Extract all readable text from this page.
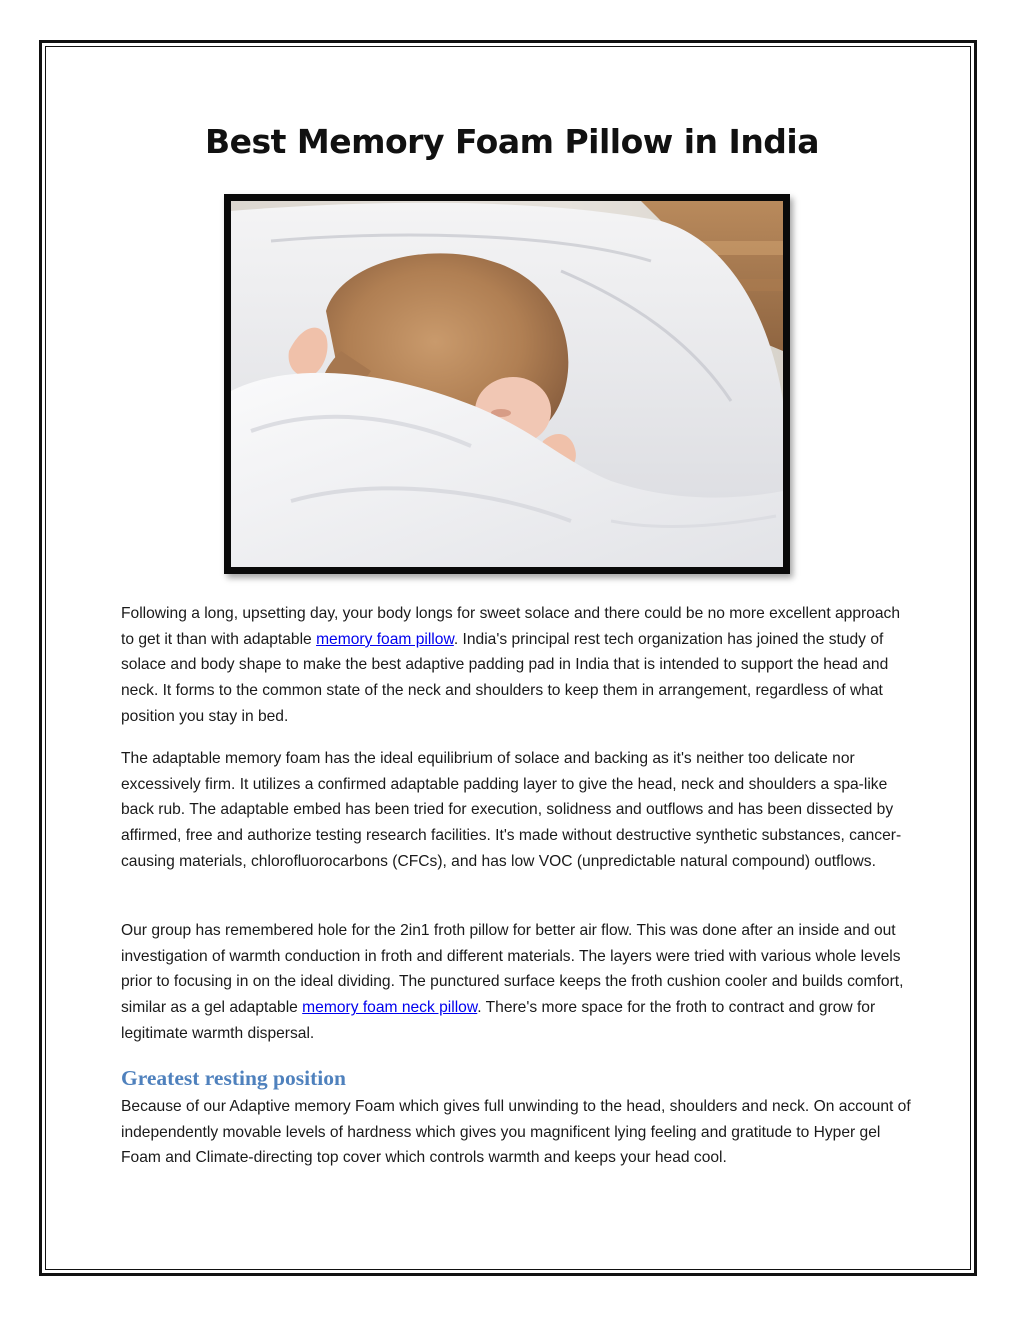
Best Memory Foam Pillow in India

Following a long, upsetting day, your body longs for sweet solace and there could be no more excellent approach to get it than with adaptable memory foam pillow. India's principal rest tech organization has joined the study of solace and body shape to make the best adaptive padding pad in India that is intended to support the head and neck. It forms to the common state of the neck and shoulders to keep them in arrangement, regardless of what position you stay in bed.

The adaptable memory foam has the ideal equilibrium of solace and backing as it's neither too delicate nor excessively firm. It utilizes a confirmed adaptable padding layer to give the head, neck and shoulders a spa-like back rub. The adaptable embed has been tried for execution, solidness and outflows and has been dissected by affirmed, free and authorize testing research facilities. It's made without destructive synthetic substances, cancer-causing materials, chlorofluorocarbons (CFCs), and has low VOC (unpredictable natural compound) outflows.

Our group has remembered hole for the 2in1 froth pillow for better air flow. This was done after an inside and out investigation of warmth conduction in froth and different materials. The layers were tried with various whole levels prior to focusing in on the ideal dividing. The punctured surface keeps the froth cushion cooler and builds comfort, similar as a gel adaptable memory foam neck pillow. There's more space for the froth to contract and grow for legitimate warmth dispersal.

Greatest resting position

Because of our Adaptive memory Foam which gives full unwinding to the head, shoulders and neck. On account of independently movable levels of hardness which gives you magnificent lying feeling and gratitude to Hyper gel Foam and Climate-directing top cover which controls warmth and keeps your head cool.
